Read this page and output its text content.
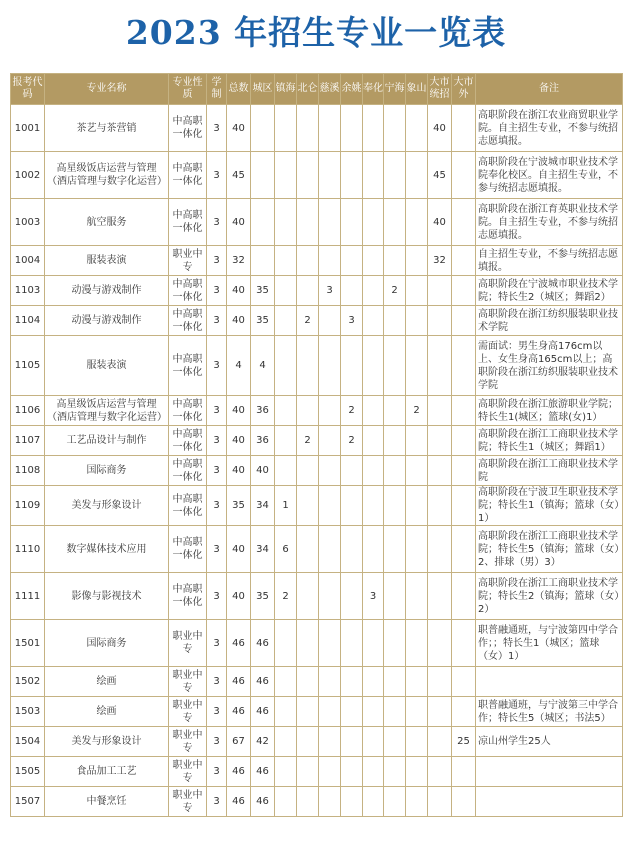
2023 年招生专业一览表
报考代码	专业名称	专业性质	学制	总数	城区	镇海	北仑	慈溪	余姚	奉化	宁海	象山	大市统招	大市外	备注
1001	茶艺与茶营销	中高职一体化	3	40									40		高职阶段在浙江农业商贸职业学院。自主招生专业，不参与统招志愿填报。
1002	高星级饭店运营与管理（酒店管理与数字化运营）	中高职一体化	3	45									45		高职阶段在宁波城市职业技术学院奉化校区。自主招生专业，不参与统招志愿填报。
1003	航空服务	中高职一体化	3	40									40		高职阶段在浙江育英职业技术学院。自主招生专业，不参与统招志愿填报。
1004	服装表演	职业中专	3	32									32		自主招生专业，不参与统招志愿填报。
1103	动漫与游戏制作	中高职一体化	3	40	35			3			2				高职阶段在宁波城市职业技术学院；特长生2（城区；舞蹈2）
1104	动漫与游戏制作	中高职一体化	3	40	35		2		3						高职阶段在浙江纺织服装职业技术学院
1105	服装表演	中高职一体化	3	4	4										需面试：男生身高176cm以上、女生身高165cm以上；高职阶段在浙江纺织服装职业技术学院
1106	高星级饭店运营与管理（酒店管理与数字化运营）	中高职一体化	3	40	36				2			2			高职阶段在浙江旅游职业学院；特长生1(城区；篮球(女)1）
1107	工艺品设计与制作	中高职一体化	3	40	36		2		2						高职阶段在浙江工商职业技术学院；特长生1（城区；舞蹈1）
1108	国际商务	中高职一体化	3	40	40										高职阶段在浙江工商职业技术学院
1109	美发与形象设计	中高职一体化	3	35	34	1									高职阶段在宁波卫生职业技术学院；特长生1（镇海；篮球（女）1）
1110	数字媒体技术应用	中高职一体化	3	40	34	6									高职阶段在浙江工商职业技术学院；特长生5（镇海；篮球（女）2、排球（男）3）
1111	影像与影视技术	中高职一体化	3	40	35	2				3					高职阶段在浙江工商职业技术学院；特长生2（镇海；篮球（女）2）
1501	国际商务	职业中专	3	46	46										职普融通班，与宁波第四中学合作；；特长生1（城区；篮球（女）1）
1502	绘画	职业中专	3	46	46										
1503	绘画	职业中专	3	46	46										职普融通班，与宁波第三中学合作；特长生5（城区；书法5）
1504	美发与形象设计	职业中专	3	67	42									25	凉山州学生25人
1505	食品加工工艺	职业中专	3	46	46										
1507	中餐烹饪	职业中专	3	46	46										
